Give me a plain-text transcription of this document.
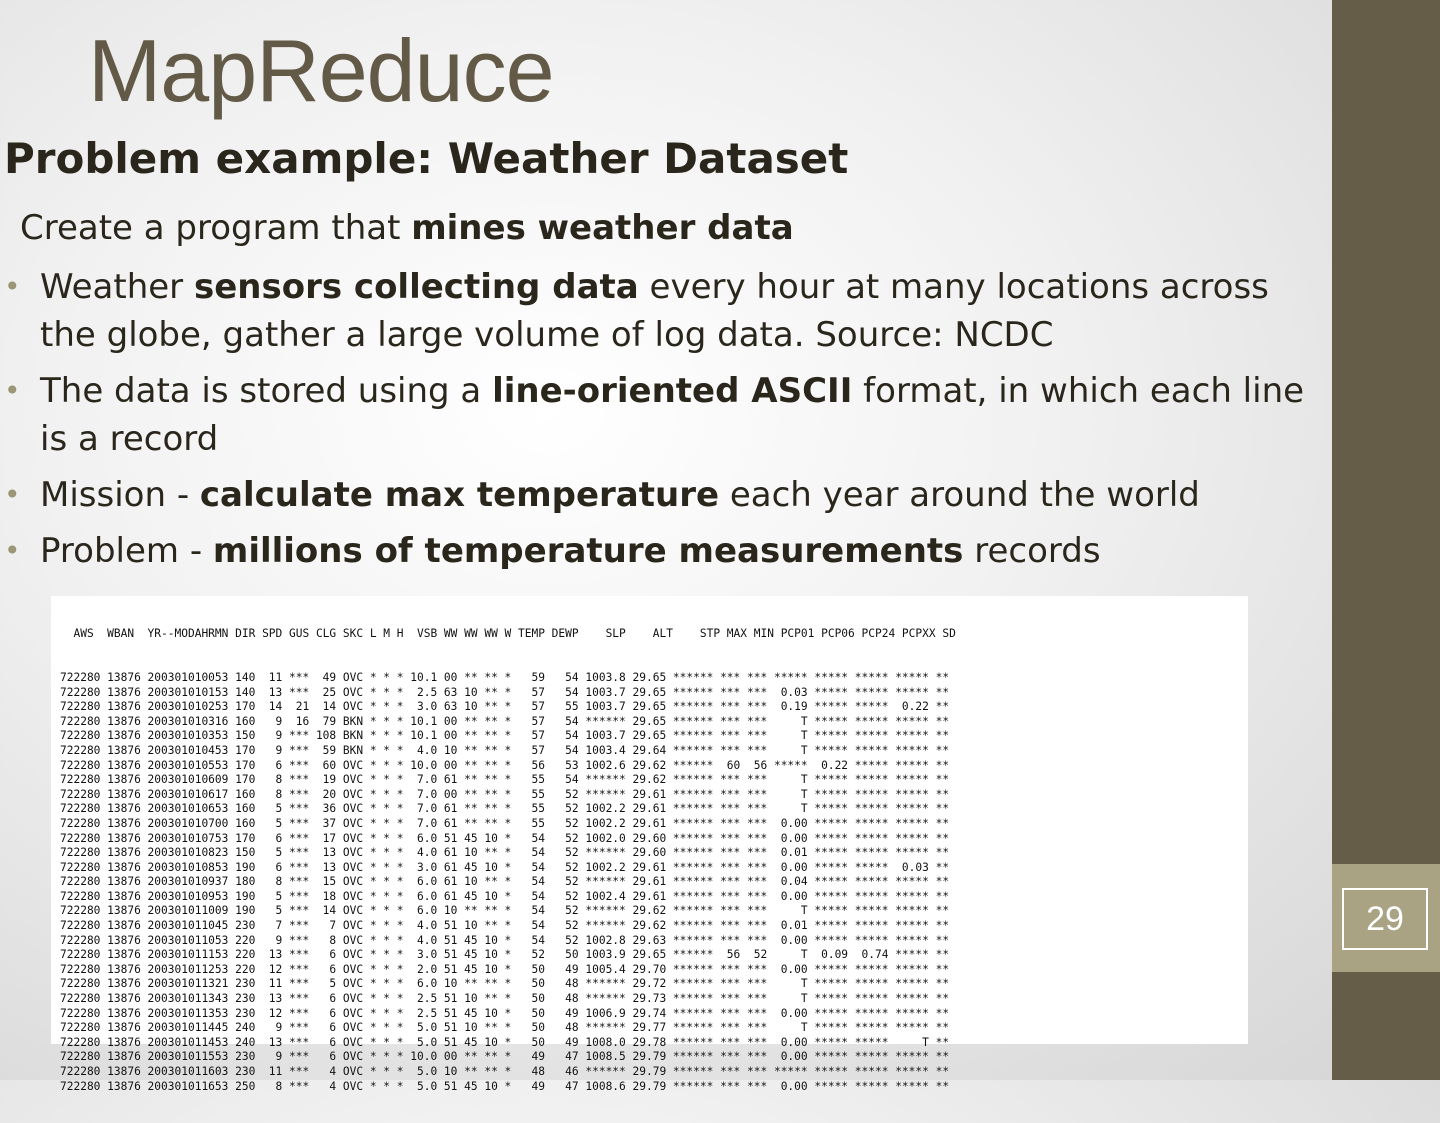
29
MapReduce
Problem example: Weather Dataset

Create a program that mines weather data

• Weather sensors collecting data every hour at many locations across the globe, gather a large volume of log data. Source: NCDC

• The data is stored using a line-oriented ASCII format, in which each line is a record

• Mission - calculate max temperature each year around the world

• Problem - millions of temperature measurements records

AWS  WBAN  YR--MODAHRMN DIR SPD GUS CLG SKC L M H  VSB WW WW WW W TEMP DEWP    SLP    ALT    STP MAX MIN PCP01 PCP06 PCP24 PCPXX SD

722280 13876 200301010053 140  11 ***  49 OVC * * * 10.1 00 ** ** *   59   54 1003.8 29.65 ****** *** *** ***** ***** ***** ***** **
722280 13876 200301010153 140  13 ***  25 OVC * * *  2.5 63 10 ** *   57   54 1003.7 29.65 ****** *** ***  0.03 ***** ***** ***** **
722280 13876 200301010253 170  14  21  14 OVC * * *  3.0 63 10 ** *   57   55 1003.7 29.65 ****** *** ***  0.19 ***** *****  0.22 **
722280 13876 200301010316 160   9  16  79 BKN * * * 10.1 00 ** ** *   57   54 ****** 29.65 ****** *** ***     T ***** ***** ***** **
722280 13876 200301010353 150   9 *** 108 BKN * * * 10.1 00 ** ** *   57   54 1003.7 29.65 ****** *** ***     T ***** ***** ***** **
722280 13876 200301010453 170   9 ***  59 BKN * * *  4.0 10 ** ** *   57   54 1003.4 29.64 ****** *** ***     T ***** ***** ***** **
722280 13876 200301010553 170   6 ***  60 OVC * * * 10.0 00 ** ** *   56   53 1002.6 29.62 ******  60  56 *****  0.22 ***** ***** **
722280 13876 200301010609 170   8 ***  19 OVC * * *  7.0 61 ** ** *   55   54 ****** 29.62 ****** *** ***     T ***** ***** ***** **
722280 13876 200301010617 160   8 ***  20 OVC * * *  7.0 00 ** ** *   55   52 ****** 29.61 ****** *** ***     T ***** ***** ***** **
722280 13876 200301010653 160   5 ***  36 OVC * * *  7.0 61 ** ** *   55   52 1002.2 29.61 ****** *** ***     T ***** ***** ***** **
722280 13876 200301010700 160   5 ***  37 OVC * * *  7.0 61 ** ** *   55   52 1002.2 29.61 ****** *** ***  0.00 ***** ***** ***** **
722280 13876 200301010753 170   6 ***  17 OVC * * *  6.0 51 45 10 *   54   52 1002.0 29.60 ****** *** ***  0.00 ***** ***** ***** **
722280 13876 200301010823 150   5 ***  13 OVC * * *  4.0 61 10 ** *   54   52 ****** 29.60 ****** *** ***  0.01 ***** ***** ***** **
722280 13876 200301010853 190   6 ***  13 OVC * * *  3.0 61 45 10 *   54   52 1002.2 29.61 ****** *** ***  0.00 ***** *****  0.03 **
722280 13876 200301010937 180   8 ***  15 OVC * * *  6.0 61 10 ** *   54   52 ****** 29.61 ****** *** ***  0.04 ***** ***** ***** **
722280 13876 200301010953 190   5 ***  18 OVC * * *  6.0 61 45 10 *   54   52 1002.4 29.61 ****** *** ***  0.00 ***** ***** ***** **
722280 13876 200301011009 190   5 ***  14 OVC * * *  6.0 10 ** ** *   54   52 ****** 29.62 ****** *** ***     T ***** ***** ***** **
722280 13876 200301011045 230   7 ***   7 OVC * * *  4.0 51 10 ** *   54   52 ****** 29.62 ****** *** ***  0.01 ***** ***** ***** **
722280 13876 200301011053 220   9 ***   8 OVC * * *  4.0 51 45 10 *   54   52 1002.8 29.63 ****** *** ***  0.00 ***** ***** ***** **
722280 13876 200301011153 220  13 ***   6 OVC * * *  3.0 51 45 10 *   52   50 1003.9 29.65 ******  56  52     T  0.09  0.74 ***** **
722280 13876 200301011253 220  12 ***   6 OVC * * *  2.0 51 45 10 *   50   49 1005.4 29.70 ****** *** ***  0.00 ***** ***** ***** **
722280 13876 200301011321 230  11 ***   5 OVC * * *  6.0 10 ** ** *   50   48 ****** 29.72 ****** *** ***     T ***** ***** ***** **
722280 13876 200301011343 230  13 ***   6 OVC * * *  2.5 51 10 ** *   50   48 ****** 29.73 ****** *** ***     T ***** ***** ***** **
722280 13876 200301011353 230  12 ***   6 OVC * * *  2.5 51 45 10 *   50   49 1006.9 29.74 ****** *** ***  0.00 ***** ***** ***** **
722280 13876 200301011445 240   9 ***   6 OVC * * *  5.0 51 10 ** *   50   48 ****** 29.77 ****** *** ***     T ***** ***** ***** **
722280 13876 200301011453 240  13 ***   6 OVC * * *  5.0 51 45 10 *   50   49 1008.0 29.78 ****** *** ***  0.00 ***** *****     T **
722280 13876 200301011553 230   9 ***   6 OVC * * * 10.0 00 ** ** *   49   47 1008.5 29.79 ****** *** ***  0.00 ***** ***** ***** **
722280 13876 200301011603 230  11 ***   4 OVC * * *  5.0 10 ** ** *   48   46 ****** 29.79 ****** *** *** ***** ***** ***** ***** **
722280 13876 200301011653 250   8 ***   4 OVC * * *  5.0 51 45 10 *   49   47 1008.6 29.79 ****** *** ***  0.00 ***** ***** ***** **
